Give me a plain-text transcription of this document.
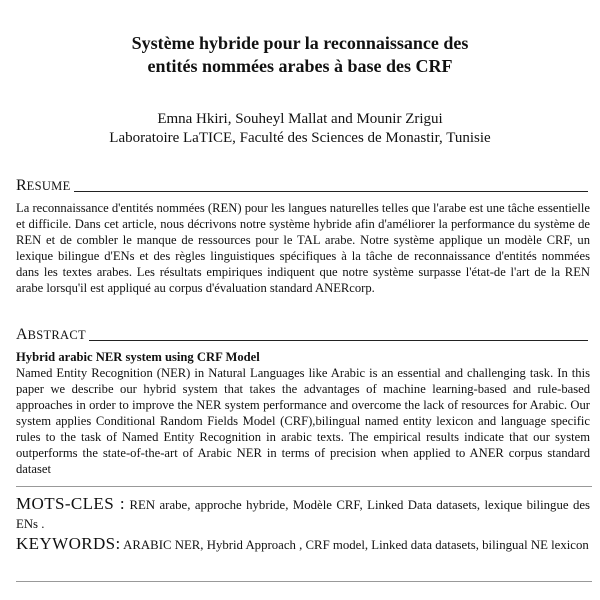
Système hybride pour la reconnaissance des
entités nommées arabes à base des CRF
Emna Hkiri, Souheyl Mallat and Mounir Zrigui
Laboratoire LaTICE, Faculté des Sciences de Monastir, Tunisie
RESUME

La reconnaissance d'entités nommées (REN) pour les langues naturelles telles que l'arabe est une tâche essentielle et difficile. Dans cet article, nous décrivons notre système hybride afin d'améliorer la performance du système de REN et de combler le manque de ressources pour le TAL arabe. Notre système applique un modèle CRF, un lexique bilingue d'ENs et des règles linguistiques spécifiques à la tâche de reconnaissance d'entités nommées dans les textes arabes. Les résultats empiriques indiquent que notre système surpasse l'état-de l'art de la REN arabe lorsqu'il est appliqué au corpus d'évaluation standard ANERcorp.

ABSTRACT
Hybrid arabic NER system using CRF Model

Named Entity Recognition (NER) in Natural Languages like Arabic is an essential and challenging task. In this paper we describe our hybrid system that takes the advantages of machine learning-based and rule-based approaches in order to improve the NER system performance and overcome the lack of resources for Arabic. Our system applies Conditional Random Fields Model (CRF),bilingual named entity lexicon and language specific rules to the task of Named Entity Recognition in arabic texts. The empirical results indicate that our system outperforms the state-of-the-art of Arabic NER in terms of precision when applied to ANER corpus standard dataset

MOTS-CLES : REN arabe, approche hybride, Modèle CRF, Linked Data datasets, lexique bilingue des ENs .
KEYWORDS: ARABIC NER, Hybrid Approach , CRF model, Linked data datasets, bilingual NE lexicon
